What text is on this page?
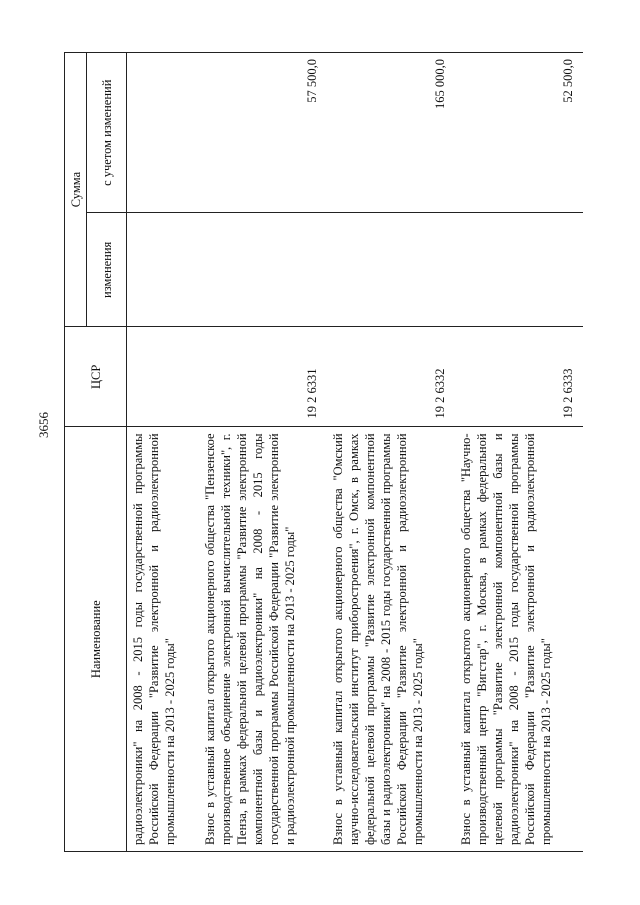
3656
Наименование	ЦСР	Сумма	
		изменения	с учетом изменений
радиоэлектроники" на 2008 - 2015 годы государственной программы Российской Федерации "Развитие электронной и радиоэлектронной промышленности на 2013 - 2025 годы"			
Взнос в уставный капитал открытого акционерного общества "Пензенское производственное объединение электронной вычислительной техники", г. Пенза, в рамках федеральной целевой программы "Развитие электронной компонентной базы и радиоэлектроники" на 2008 - 2015 годы государственной программы Российской Федерации "Развитие электронной и радиоэлектронной промышленности на 2013 - 2025 годы"	19 2 6331		57 500,0
Взнос в уставный капитал открытого акционерного общества "Омский научно-исследовательский институт приборостроения", г. Омск, в рамках федеральной целевой программы "Развитие электронной компонентной базы и радиоэлектроники" на 2008 - 2015 годы государственной программы Российской Федерации "Развитие электронной и радиоэлектронной промышленности на 2013 - 2025 годы"	19 2 6332		165 000,0
Взнос в уставный капитал открытого акционерного общества "Научно-производственный центр "Вигстар", г. Москва, в рамках федеральной целевой программы "Развитие электронной компонентной базы и радиоэлектроники" на 2008 - 2015 годы государственной программы Российской Федерации "Развитие электронной и радиоэлектронной промышленности на 2013 - 2025 годы"	19 2 6333		52 500,0
